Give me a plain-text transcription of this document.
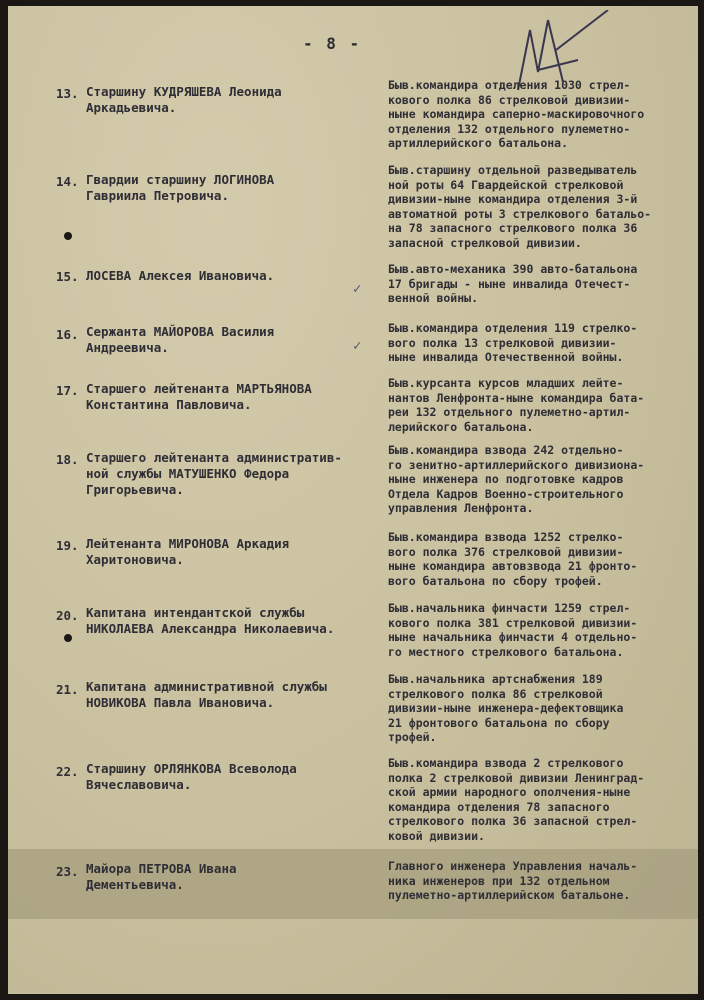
- 8 -
13. Старшину КУДРЯШЕВА Леонида
Аркадьевича.
Быв.командира отделения 1030 стрел-
кового полка 86 стрелковой дивизии-
ныне командира саперно-маскировочного
отделения 132 отдельного пулеметно-
артиллерийского батальона.
14. Гвардии старшину ЛОГИНОВА
Гавриила Петровича.
Быв.старшину отдельной разведыватель
ной роты 64 Гвардейской стрелковой
дивизии-ныне командира отделения 3-й
автоматной роты 3 стрелкового батальо-
на 78 запасного стрелкового полка 36
запасной стрелковой дивизии.
15. ЛОСЕВА Алексея Ивановича.	Быв.авто-механика 390 авто-батальона
17 бригады - ныне инвалида Отечест-
венной войны.
✓
16. Сержанта МАЙОРОВА Василия
Андреевича.
Быв.командира отделения 119 стрелко-
вого полка 13 стрелковой дивизии-
ныне инвалида Отечественной войны.
✓
17. Старшего лейтенанта МАРТЬЯНОВА
Константина Павловича.
Быв.курсанта курсов младших лейте-
нантов Ленфронта-ныне командира бата-
реи 132 отдельного пулеметно-артил-
лерийского батальона.
18. Старшего лейтенанта административ-
ной службы МАТУШЕНКО Федора
Григорьевича.
Быв.командира взвода 242 отдельно-
го зенитно-артиллерийского дивизиона-
ныне инженера по подготовке кадров
Отдела Кадров Военно-строительного
управления Ленфронта.
19. Лейтенанта МИРОНОВА Аркадия
Харитоновича.
Быв.командира взвода 1252 стрелко-
вого полка 376 стрелковой дивизии-
ныне командира автовзвода 21 фронто-
вого батальона по сбору трофей.
20. Капитана интендантской службы
НИКОЛАЕВА Александра Николаевича.
Быв.начальника финчасти 1259 стрел-
кового полка 381 стрелковой дивизии-
ныне начальника финчасти 4 отдельно-
го местного стрелкового батальона.
21. Капитана административной службы
НОВИКОВА Павла Ивановича.
Быв.начальника артснабжения 189
стрелкового полка 86 стрелковой
дивизии-ныне инженера-дефектовщика
21 фронтового батальона по сбору
трофей.
22. Старшину ОРЛЯНКОВА Всеволода
Вячеславовича.
Быв.командира взвода 2 стрелкового
полка 2 стрелковой дивизии Ленинград-
ской армии народного ополчения-ныне
командира отделения 78 запасного
стрелкового полка 36 запасной стрел-
ковой дивизии.
23. Майора ПЕТРОВА Ивана
Дементьевича.
Главного инженера Управления началь-
ника инженеров при 132 отдельном
пулеметно-артиллерийском батальоне.
